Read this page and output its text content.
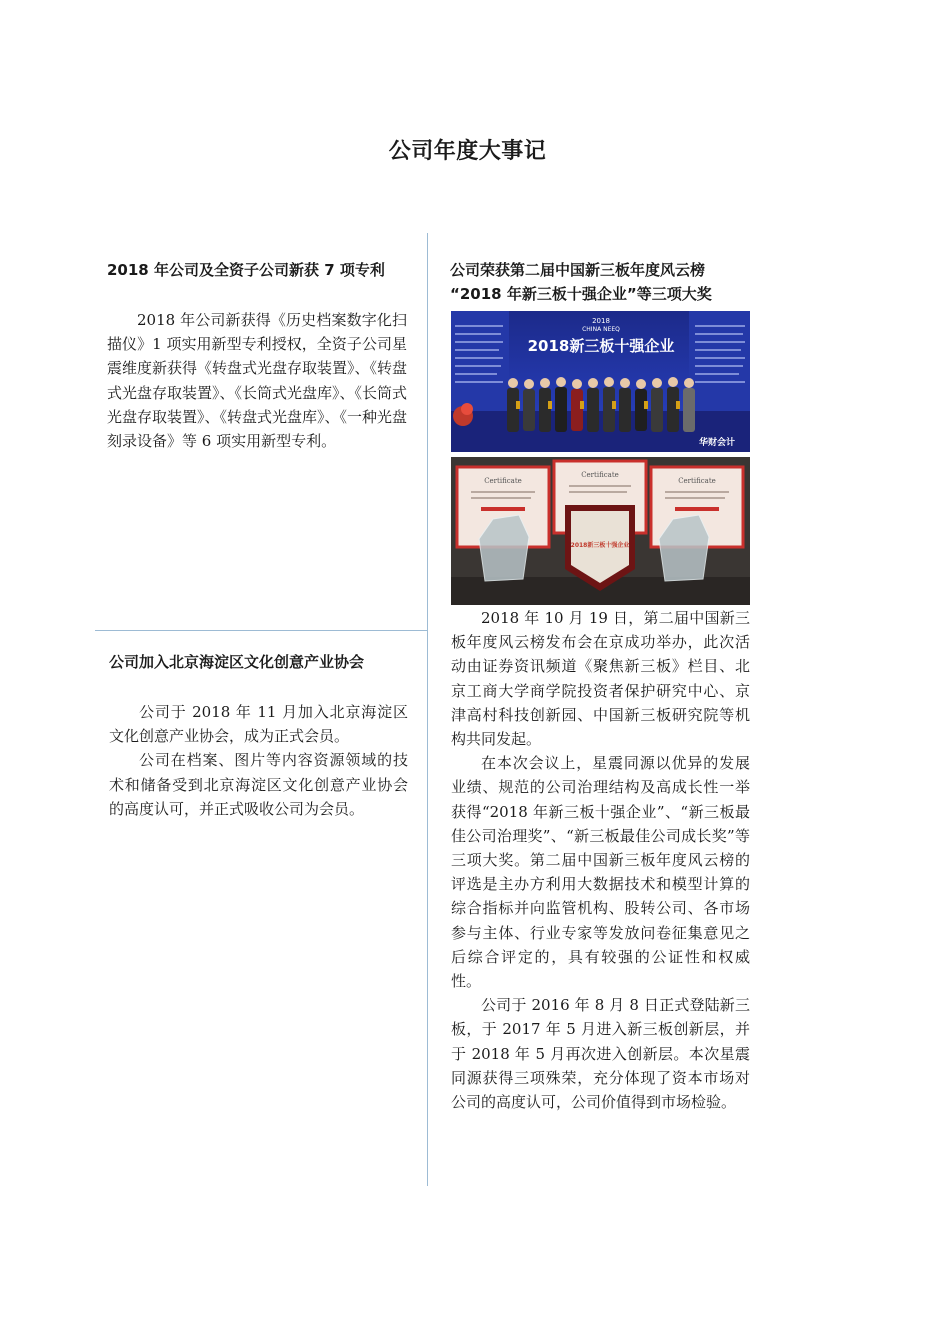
公司年度大事记
2018 年公司及全资子公司新获 7 项专利

2018 年公司新获得《历史档案数字化扫描仪》1 项实用新型专利授权，全资子公司星震维度新获得《转盘式光盘存取装置》、《转盘式光盘存取装置》、《长筒式光盘库》、《长筒式光盘存取装置》、《转盘式光盘库》、《一种光盘刻录设备》等 6 项实用新型专利。

公司加入北京海淀区文化创意产业协会

公司于 2018 年 11 月加入北京海淀区文化创意产业协会，成为正式会员。

公司在档案、图片等内容资源领域的技术和储备受到北京海淀区文化创意产业协会的高度认可，并正式吸收公司为会员。

公司荣获第二届中国新三板年度风云榜
“2018 年新三板十强企业”等三项大奖
2018
CHINA NEEQ
2018新三板十强企业
华财会计
Certificate
Certificate
Certificate
2018新三板十强企业

2018 年 10 月 19 日，第二届中国新三板年度风云榜发布会在京成功举办，此次活动由证券资讯频道《聚焦新三板》栏目、北京工商大学商学院投资者保护研究中心、京津高村科技创新园、中国新三板研究院等机构共同发起。

在本次会议上，星震同源以优异的发展业绩、规范的公司治理结构及高成长性一举获得“2018 年新三板十强企业”、“新三板最佳公司治理奖”、“新三板最佳公司成长奖”等三项大奖。第二届中国新三板年度风云榜的评选是主办方利用大数据技术和模型计算的综合指标并向监管机构、股转公司、各市场参与主体、行业专家等发放问卷征集意见之后综合评定的，具有较强的公证性和权威性。

公司于 2016 年 8 月 8 日正式登陆新三板，于 2017 年 5 月进入新三板创新层，并于 2018 年 5 月再次进入创新层。本次星震同源获得三项殊荣，充分体现了资本市场对公司的高度认可，公司价值得到市场检验。
